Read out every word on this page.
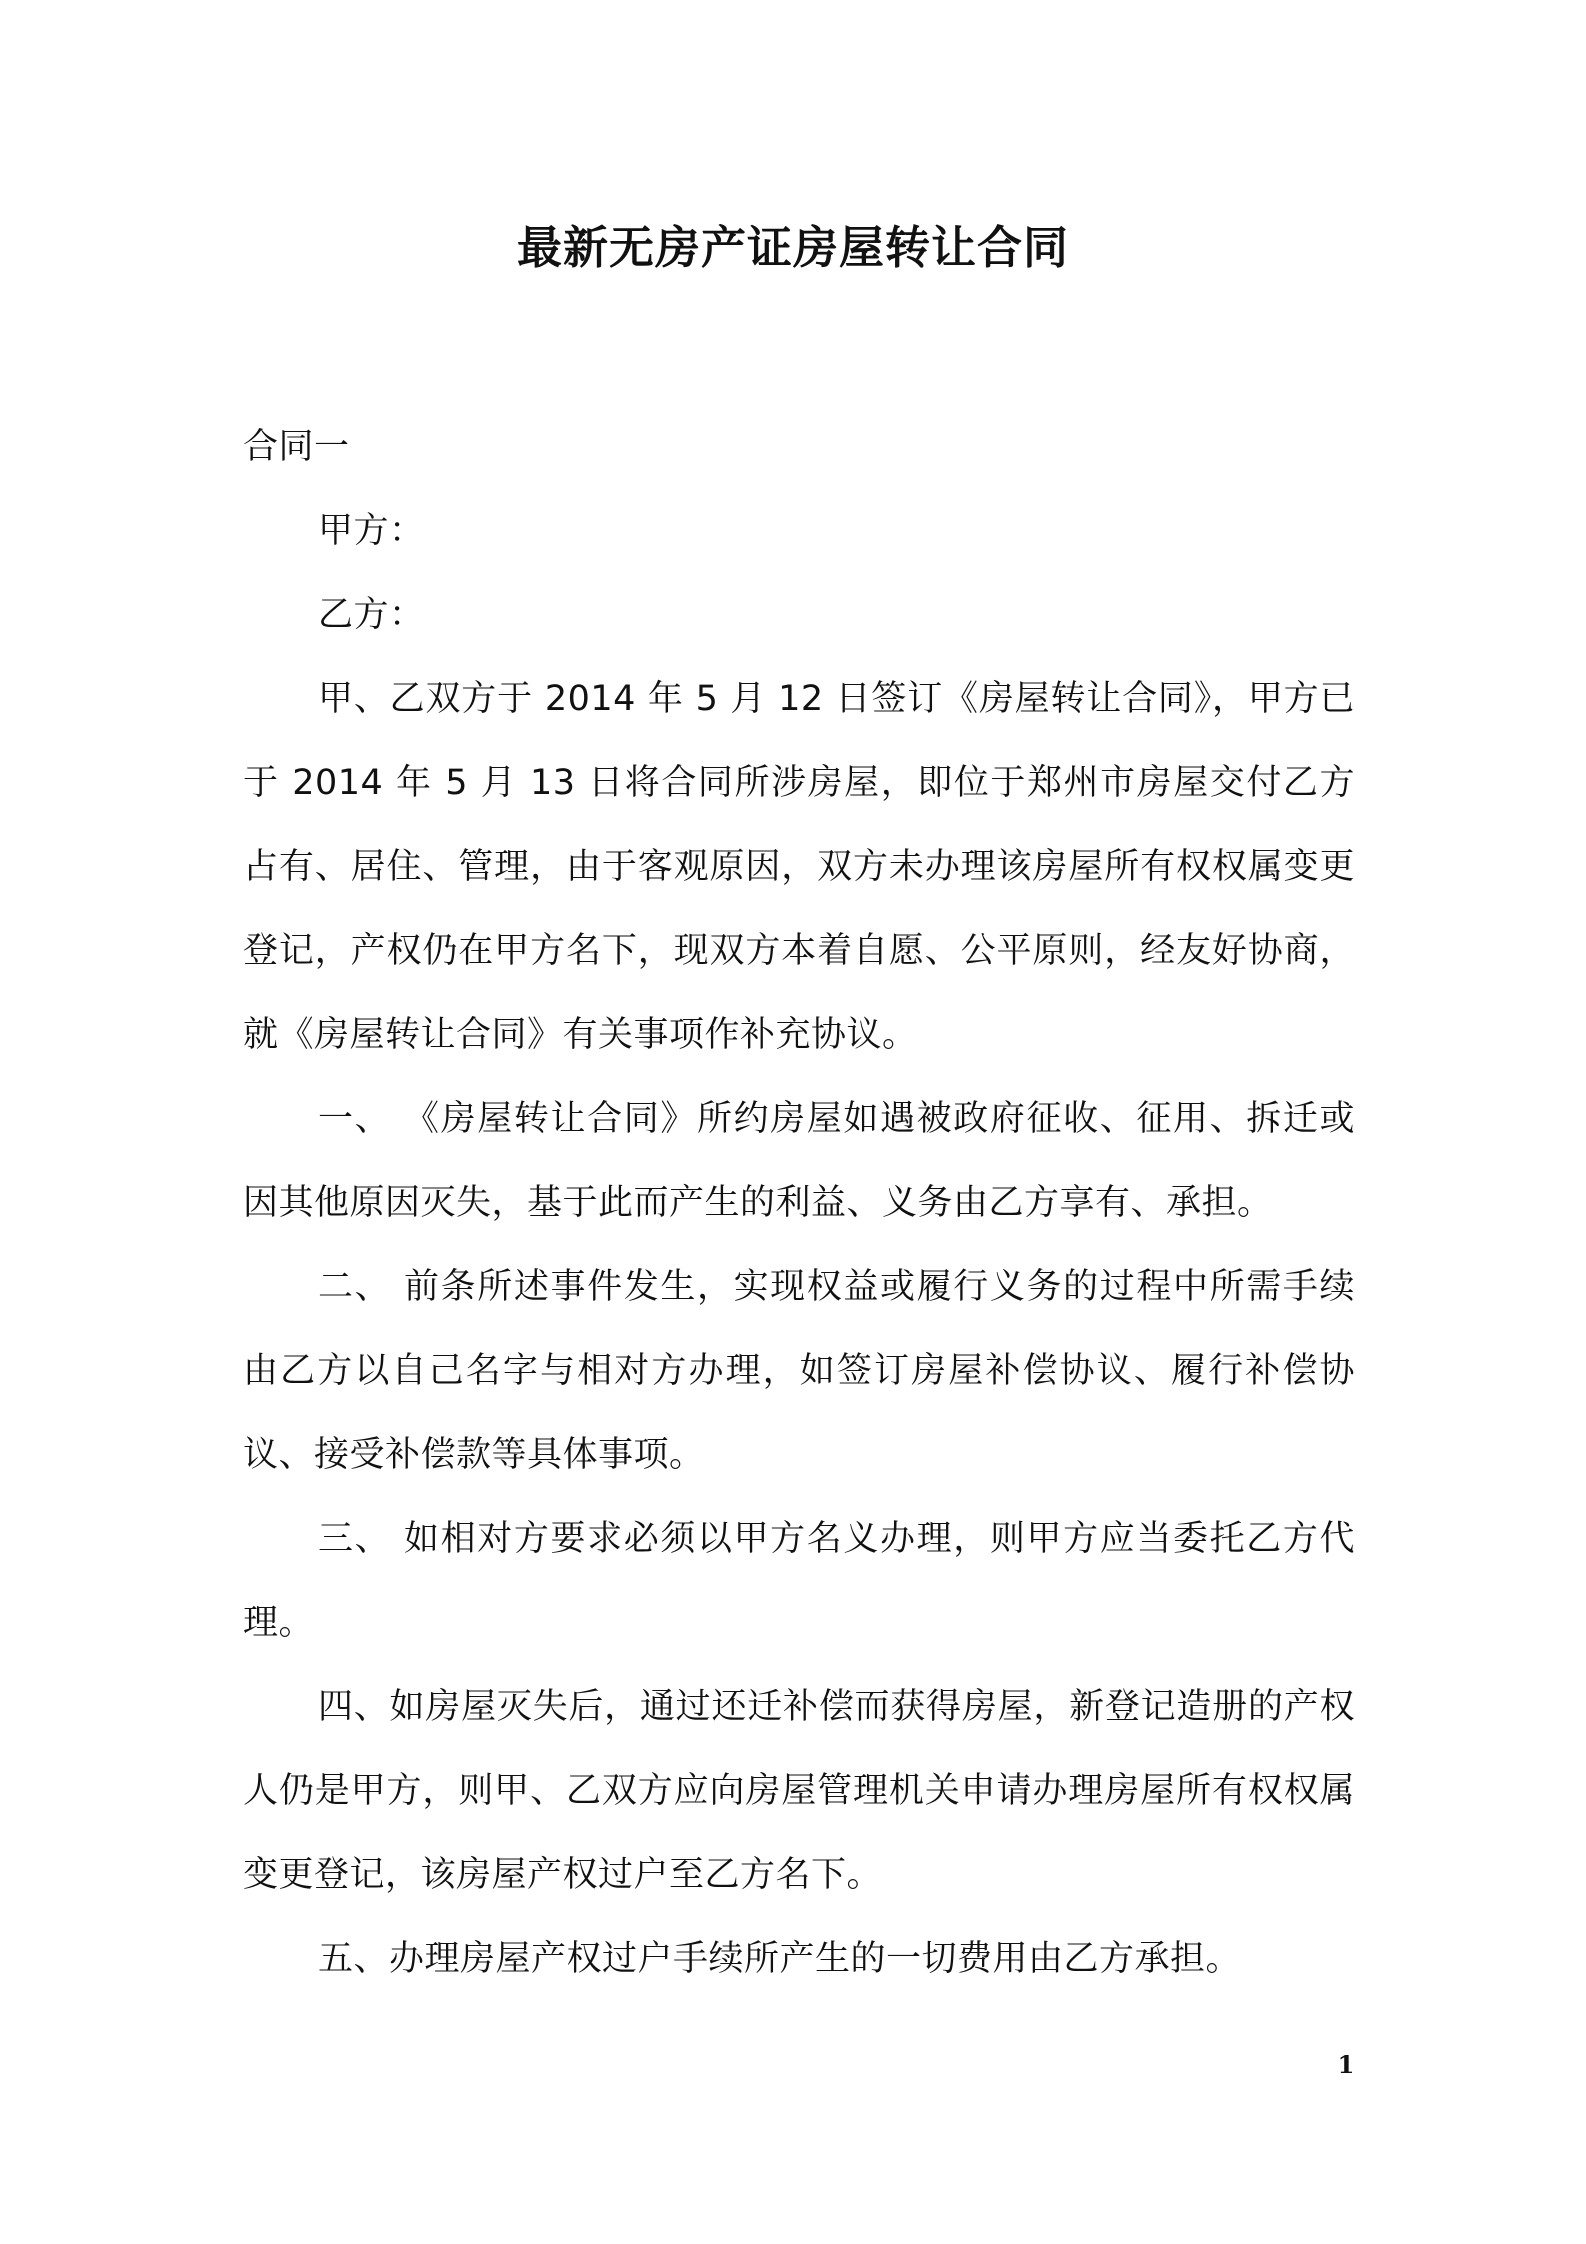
最新无房产证房屋转让合同

合同一

甲方：

乙方：

甲、乙双方于 2014 年 5 月 12 日签订《房屋转让合同》，甲方已于 2014 年 5 月 13 日将合同所涉房屋，即位于郑州市房屋交付乙方占有、居住、管理，由于客观原因，双方未办理该房屋所有权权属变更登记，产权仍在甲方名下，现双方本着自愿、公平原则，经友好协商，就《房屋转让合同》有关事项作补充协议。

一、 《房屋转让合同》所约房屋如遇被政府征收、征用、拆迁或因其他原因灭失，基于此而产生的利益、义务由乙方享有、承担。

二、 前条所述事件发生，实现权益或履行义务的过程中所需手续由乙方以自己名字与相对方办理，如签订房屋补偿协议、履行补偿协议、接受补偿款等具体事项。

三、 如相对方要求必须以甲方名义办理，则甲方应当委托乙方代理。

四、如房屋灭失后，通过还迁补偿而获得房屋，新登记造册的产权人仍是甲方，则甲、乙双方应向房屋管理机关申请办理房屋所有权权属变更登记，该房屋产权过户至乙方名下。

五、办理房屋产权过户手续所产生的一切费用由乙方承担。

1
